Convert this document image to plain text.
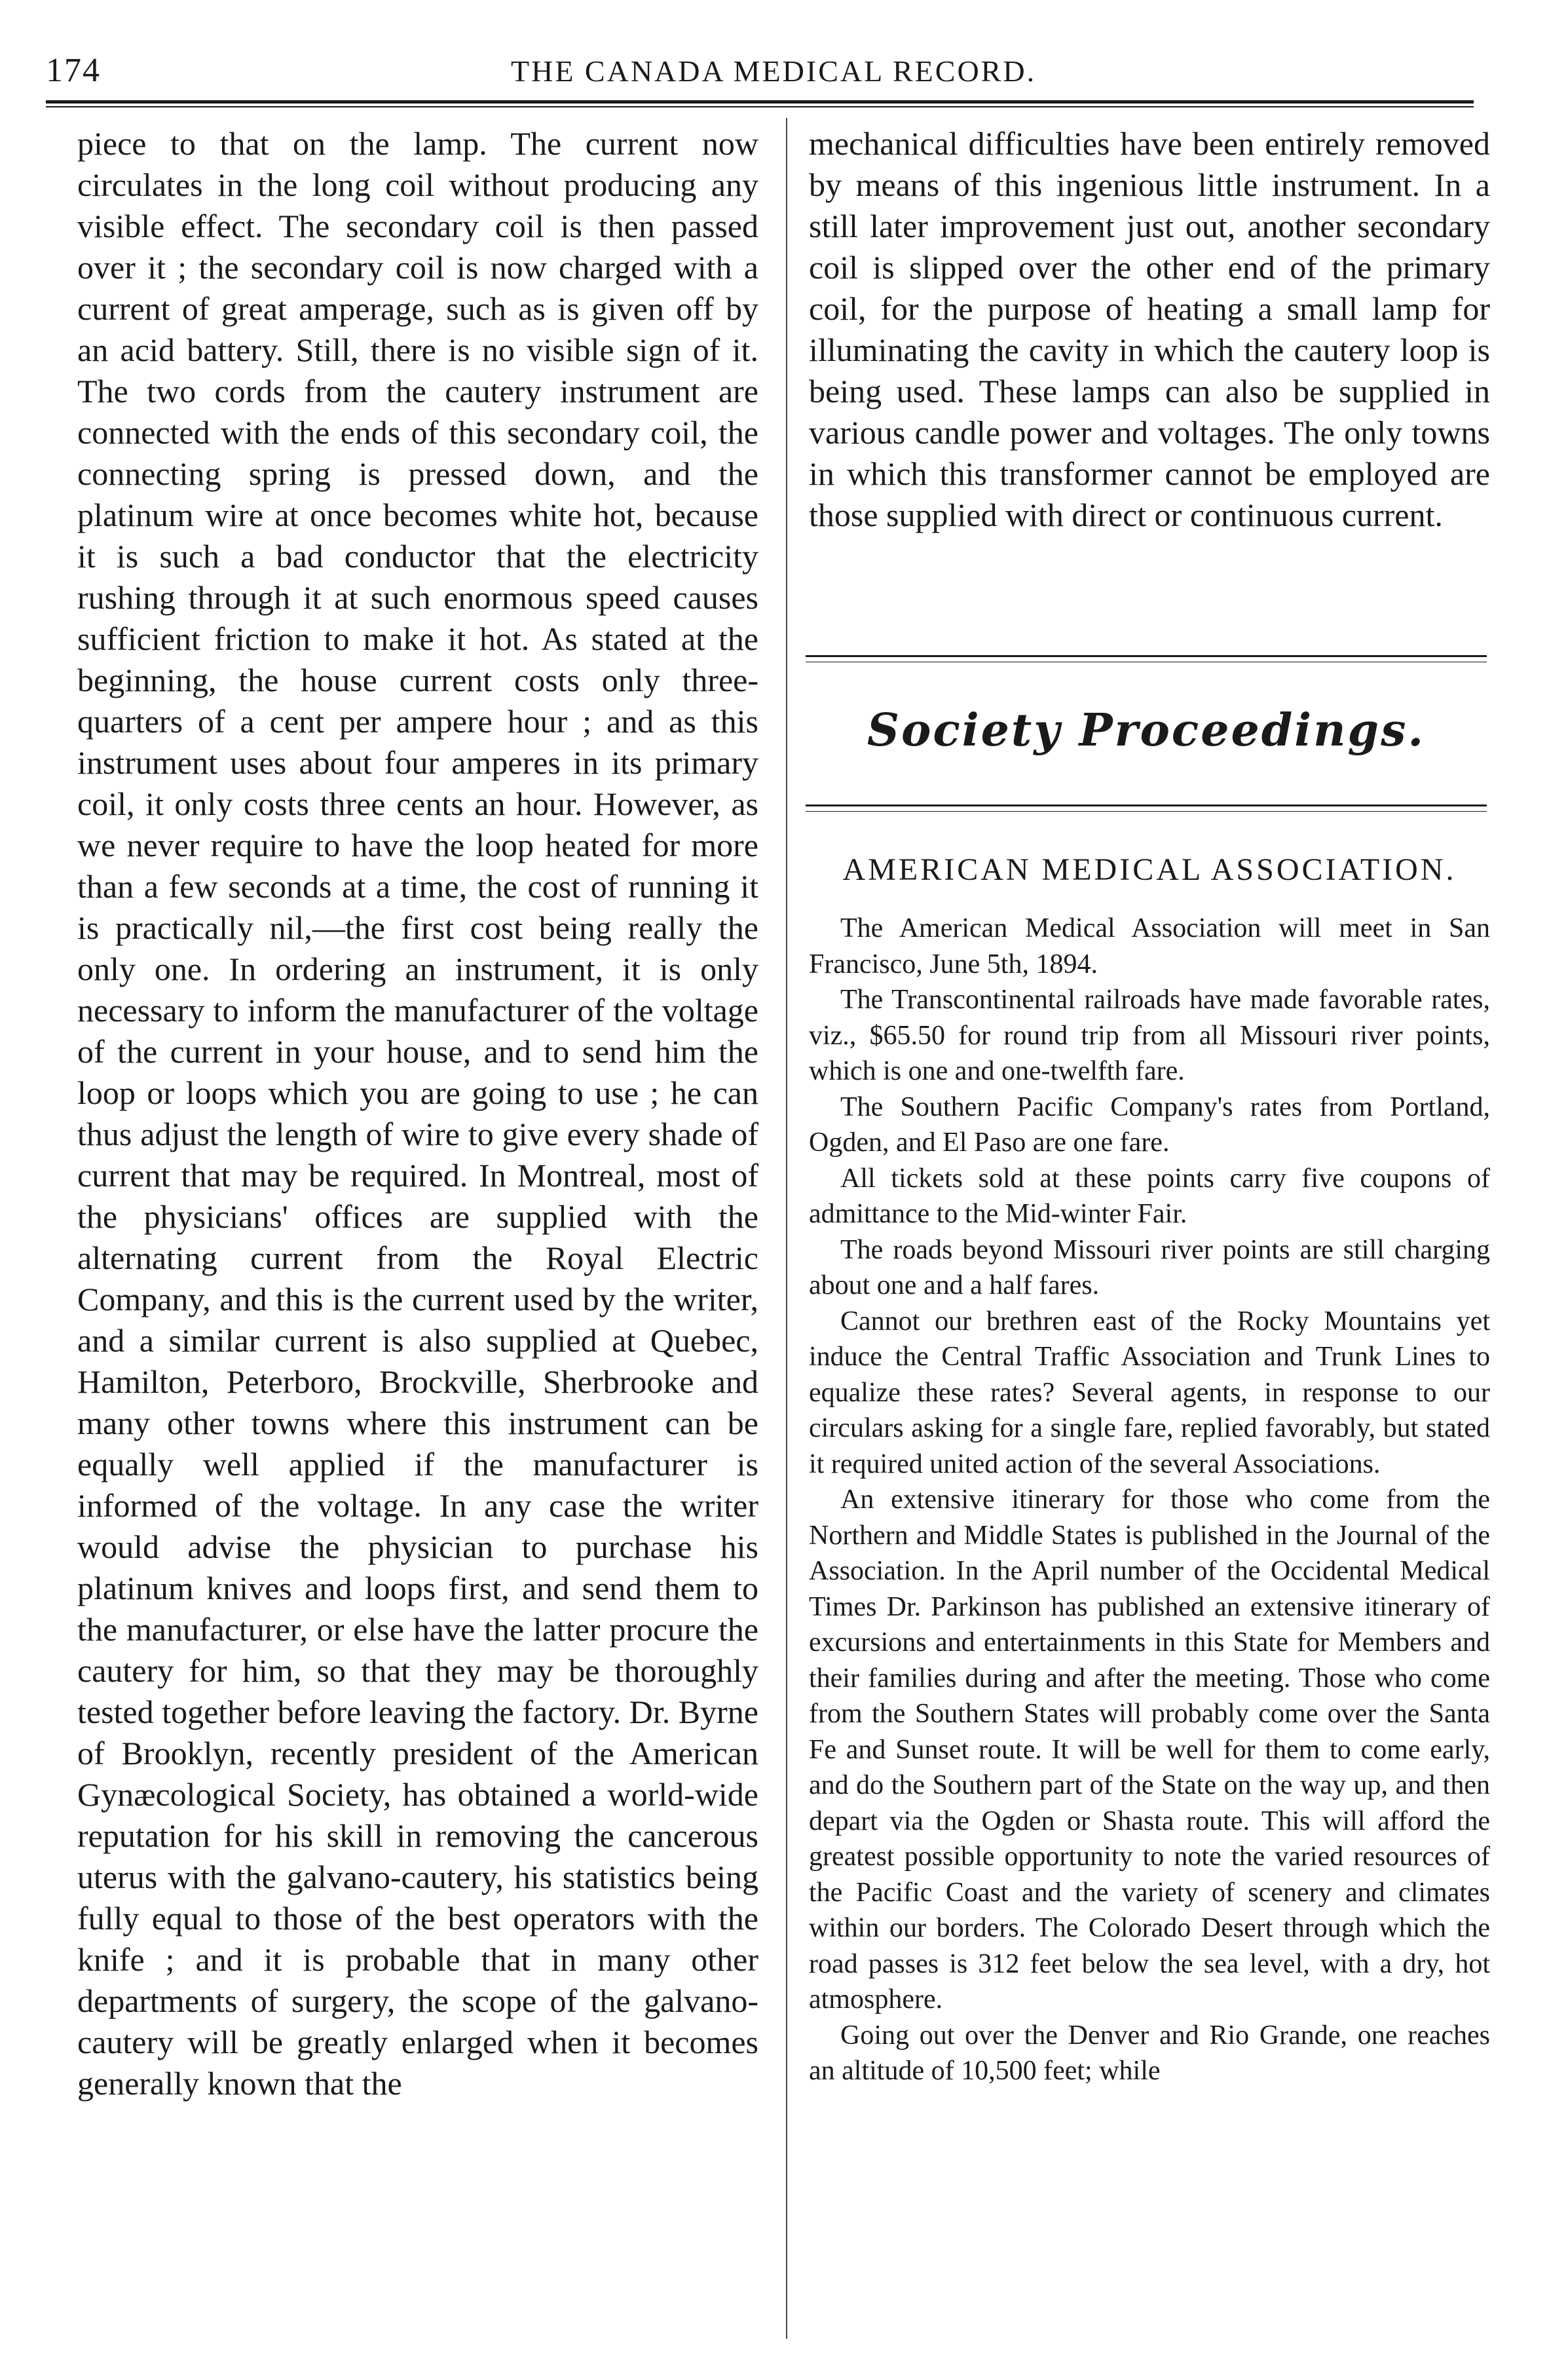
174	THE CANADA MEDICAL RECORD.

piece to that on the lamp. The current now circulates in the long coil without producing any visible effect. The secondary coil is then passed over it ; the secondary coil is now charged with a current of great amperage, such as is given off by an acid battery. Still, there is no visible sign of it. The two cords from the cautery instrument are connected with the ends of this secondary coil, the connecting spring is pressed down, and the platinum wire at once becomes white hot, because it is such a bad conductor that the electricity rushing through it at such enormous speed causes sufficient friction to make it hot. As stated at the beginning, the house current costs only three-quarters of a cent per ampere hour ; and as this instrument uses about four amperes in its primary coil, it only costs three cents an hour. However, as we never require to have the loop heated for more than a few seconds at a time, the cost of running it is practically nil,—the first cost being really the only one. In ordering an instrument, it is only necessary to inform the manufacturer of the voltage of the current in your house, and to send him the loop or loops which you are going to use ; he can thus adjust the length of wire to give every shade of current that may be required. In Montreal, most of the physicians' offices are supplied with the alternating current from the Royal Electric Company, and this is the current used by the writer, and a similar current is also supplied at Quebec, Hamilton, Peterboro, Brockville, Sherbrooke and many other towns where this instrument can be equally well applied if the manufacturer is informed of the voltage. In any case the writer would advise the physician to purchase his platinum knives and loops first, and send them to the manufacturer, or else have the latter procure the cautery for him, so that they may be thoroughly tested together before leaving the factory. Dr. Byrne of Brooklyn, recently president of the American Gynæcological Society, has obtained a world-wide reputation for his skill in removing the cancerous uterus with the galvano-cautery, his statistics being fully equal to those of the best operators with the knife ; and it is probable that in many other departments of surgery, the scope of the galvano-cautery will be greatly enlarged when it becomes generally known that the

mechanical difficulties have been entirely removed by means of this ingenious little instrument. In a still later improvement just out, another secondary coil is slipped over the other end of the primary coil, for the purpose of heating a small lamp for illuminating the cavity in which the cautery loop is being used. These lamps can also be supplied in various candle power and voltages. The only towns in which this transformer cannot be employed are those supplied with direct or continuous current.

Society Proceedings.
AMERICAN MEDICAL ASSOCIATION.

The American Medical Association will meet in San Francisco, June 5th, 1894.

The Transcontinental railroads have made favorable rates, viz., $65.50 for round trip from all Missouri river points, which is one and one-twelfth fare.

The Southern Pacific Company's rates from Portland, Ogden, and El Paso are one fare.

All tickets sold at these points carry five coupons of admittance to the Mid-winter Fair.

The roads beyond Missouri river points are still charging about one and a half fares.

Cannot our brethren east of the Rocky Mountains yet induce the Central Traffic Association and Trunk Lines to equalize these rates? Several agents, in response to our circulars asking for a single fare, replied favorably, but stated it required united action of the several Associations.

An extensive itinerary for those who come from the Northern and Middle States is published in the Journal of the Association. In the April number of the Occidental Medical Times Dr. Parkinson has published an extensive itinerary of excursions and entertainments in this State for Members and their families during and after the meeting. Those who come from the Southern States will probably come over the Santa Fe and Sunset route. It will be well for them to come early, and do the Southern part of the State on the way up, and then depart via the Ogden or Shasta route. This will afford the greatest possible opportunity to note the varied resources of the Pacific Coast and the variety of scenery and climates within our borders. The Colorado Desert through which the road passes is 312 feet below the sea level, with a dry, hot atmosphere.

Going out over the Denver and Rio Grande, one reaches an altitude of 10,500 feet; while
